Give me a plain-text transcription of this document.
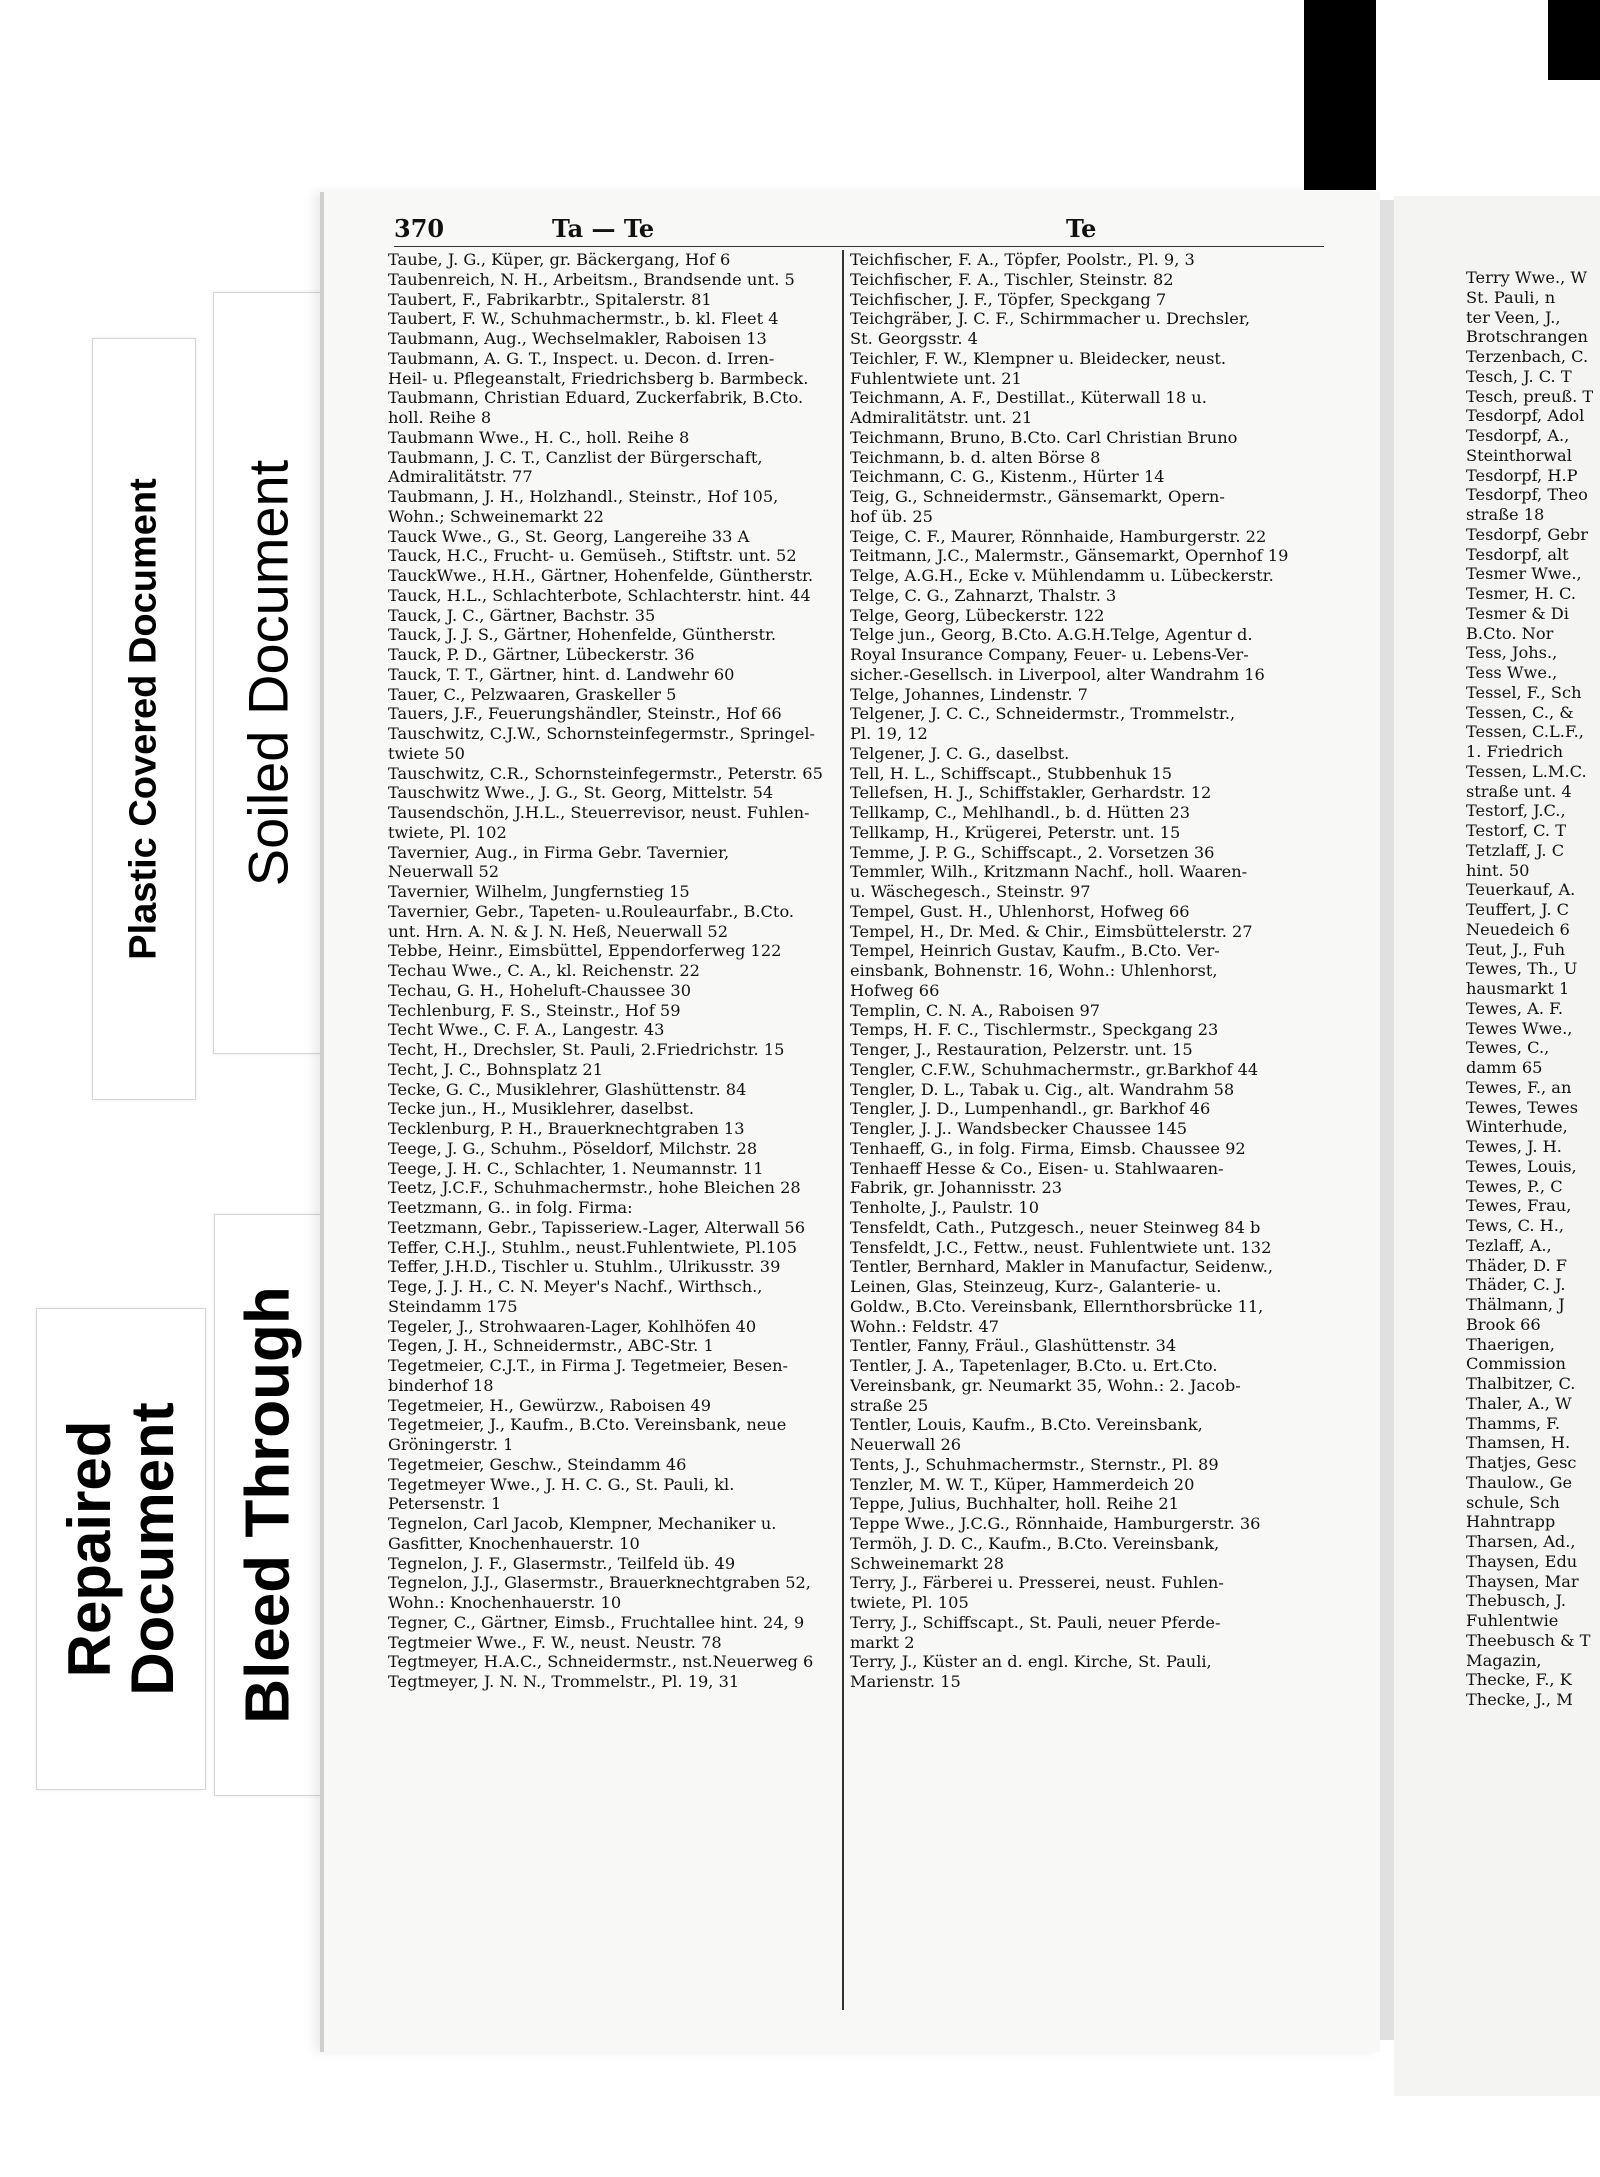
Soiled Document
Plastic Covered Document
Bleed Through
Repaired
Document
Terry Wwe., W
St. Pauli, n
ter Veen, J.,
Brotschrangen
Terzenbach, C.
Tesch, J. C. T
Tesch, preuß. T
Tesdorpf, Adol
Tesdorpf, A.,
Steinthorwal
Tesdorpf, H.P
Tesdorpf, Theo
straße 18
Tesdorpf, Gebr
Tesdorpf, alt
Tesmer Wwe.,
Tesmer, H. C.
Tesmer & Di
B.Cto. Nor
Tess, Johs.,
Tess Wwe.,
Tessel, F., Sch
Tessen, C., &
Tessen, C.L.F.,
1. Friedrich
Tessen, L.M.C.
straße unt. 4
Testorf, J.C.,
Testorf, C. T
Tetzlaff, J. C
hint. 50
Teuerkauf, A.
Teuffert, J. C
Neuedeich 6
Teut, J., Fuh
Tewes, Th., U
hausmarkt 1
Tewes, A. F.
Tewes Wwe.,
Tewes, C.,
damm 65
Tewes, F., an
Tewes, Tewes
Winterhude,
Tewes, J. H.
Tewes, Louis,
Tewes, P., C
Tewes, Frau,
Tews, C. H.,
Tezlaff, A.,
Thäder, D. F
Thäder, C. J.
Thälmann, J
Brook 66
Thaerigen,
Commission
Thalbitzer, C.
Thaler, A., W
Thamms, F.
Thamsen, H.
Thatjes, Gesc
Thaulow., Ge
schule, Sch
Hahntrapp
Tharsen, Ad.,
Thaysen, Edu
Thaysen, Mar
Thebusch, J.
Fuhlentwie
Theebusch & T
Magazin,
Thecke, F., K
Thecke, J., M
370	Ta — Te	Te
Taube, J. G., Küper, gr. Bäckergang, Hof 6
Taubenreich, N. H., Arbeitsm., Brandsende unt. 5
Taubert, F., Fabrikarbtr., Spitalerstr. 81
Taubert, F. W., Schuhmachermstr., b. kl. Fleet 4
Taubmann, Aug., Wechselmakler, Raboisen 13
Taubmann, A. G. T., Inspect. u. Decon. d. Irren-
Heil- u. Pflegeanstalt, Friedrichsberg b. Barmbeck.
Taubmann, Christian Eduard, Zuckerfabrik, B.Cto.
holl. Reihe 8
Taubmann Wwe., H. C., holl. Reihe 8
Taubmann, J. C. T., Canzlist der Bürgerschaft,
Admiralitätstr. 77
Taubmann, J. H., Holzhandl., Steinstr., Hof 105,
Wohn.; Schweinemarkt 22
Tauck Wwe., G., St. Georg, Langereihe 33 A
Tauck, H.C., Frucht- u. Gemüseh., Stiftstr. unt. 52
TauckWwe., H.H., Gärtner, Hohenfelde, Güntherstr.
Tauck, H.L., Schlachterbote, Schlachterstr. hint. 44
Tauck, J. C., Gärtner, Bachstr. 35
Tauck, J. J. S., Gärtner, Hohenfelde, Güntherstr.
Tauck, P. D., Gärtner, Lübeckerstr. 36
Tauck, T. T., Gärtner, hint. d. Landwehr 60
Tauer, C., Pelzwaaren, Graskeller 5
Tauers, J.F., Feuerungshändler, Steinstr., Hof 66
Tauschwitz, C.J.W., Schornsteinfegermstr., Springel-
twiete 50
Tauschwitz, C.R., Schornsteinfegermstr., Peterstr. 65
Tauschwitz Wwe., J. G., St. Georg, Mittelstr. 54
Tausendschön, J.H.L., Steuerrevisor, neust. Fuhlen-
twiete, Pl. 102
Tavernier, Aug., in Firma Gebr. Tavernier,
Neuerwall 52
Tavernier, Wilhelm, Jungfernstieg 15
Tavernier, Gebr., Tapeten- u.Rouleaurfabr., B.Cto.
unt. Hrn. A. N. & J. N. Heß, Neuerwall 52
Tebbe, Heinr., Eimsbüttel, Eppendorferweg 122
Techau Wwe., C. A., kl. Reichenstr. 22
Techau, G. H., Hoheluft-Chaussee 30
Techlenburg, F. S., Steinstr., Hof 59
Techt Wwe., C. F. A., Langestr. 43
Techt, H., Drechsler, St. Pauli, 2.Friedrichstr. 15
Techt, J. C., Bohnsplatz 21
Tecke, G. C., Musiklehrer, Glashüttenstr. 84
Tecke jun., H., Musiklehrer, daselbst.
Tecklenburg, P. H., Brauerknechtgraben 13
Teege, J. G., Schuhm., Pöseldorf, Milchstr. 28
Teege, J. H. C., Schlachter, 1. Neumannstr. 11
Teetz, J.C.F., Schuhmachermstr., hohe Bleichen 28
Teetzmann, G.. in folg. Firma:
Teetzmann, Gebr., Tapisseriew.-Lager, Alterwall 56
Teffer, C.H.J., Stuhlm., neust.Fuhlentwiete, Pl.105
Teffer, J.H.D., Tischler u. Stuhlm., Ulrikusstr. 39
Tege, J. J. H., C. N. Meyer's Nachf., Wirthsch.,
Steindamm 175
Tegeler, J., Strohwaaren-Lager, Kohlhöfen 40
Tegen, J. H., Schneidermstr., ABC-Str. 1
Tegetmeier, C.J.T., in Firma J. Tegetmeier, Besen-
binderhof 18
Tegetmeier, H., Gewürzw., Raboisen 49
Tegetmeier, J., Kaufm., B.Cto. Vereinsbank, neue
Gröningerstr. 1
Tegetmeier, Geschw., Steindamm 46
Tegetmeyer Wwe., J. H. C. G., St. Pauli, kl.
Petersenstr. 1
Tegnelon, Carl Jacob, Klempner, Mechaniker u.
Gasfitter, Knochenhauerstr. 10
Tegnelon, J. F., Glasermstr., Teilfeld üb. 49
Tegnelon, J.J., Glasermstr., Brauerknechtgraben 52,
Wohn.: Knochenhauerstr. 10
Tegner, C., Gärtner, Eimsb., Fruchtallee hint. 24, 9
Tegtmeier Wwe., F. W., neust. Neustr. 78
Tegtmeyer, H.A.C., Schneidermstr., nst.Neuerweg 6
Tegtmeyer, J. N. N., Trommelstr., Pl. 19, 31
Teichfischer, F. A., Töpfer, Poolstr., Pl. 9, 3
Teichfischer, F. A., Tischler, Steinstr. 82
Teichfischer, J. F., Töpfer, Speckgang 7
Teichgräber, J. C. F., Schirmmacher u. Drechsler,
St. Georgsstr. 4
Teichler, F. W., Klempner u. Bleidecker, neust.
Fuhlentwiete unt. 21
Teichmann, A. F., Destillat., Küterwall 18 u.
Admiralitätstr. unt. 21
Teichmann, Bruno, B.Cto. Carl Christian Bruno
Teichmann, b. d. alten Börse 8
Teichmann, C. G., Kistenm., Hürter 14
Teig, G., Schneidermstr., Gänsemarkt, Opern-
hof üb. 25
Teige, C. F., Maurer, Rönnhaide, Hamburgerstr. 22
Teitmann, J.C., Malermstr., Gänsemarkt, Opernhof 19
Telge, A.G.H., Ecke v. Mühlendamm u. Lübeckerstr.
Telge, C. G., Zahnarzt, Thalstr. 3
Telge, Georg, Lübeckerstr. 122
Telge jun., Georg, B.Cto. A.G.H.Telge, Agentur d.
Royal Insurance Company, Feuer- u. Lebens-Ver-
sicher.-Gesellsch. in Liverpool, alter Wandrahm 16
Telge, Johannes, Lindenstr. 7
Telgener, J. C. C., Schneidermstr., Trommelstr.,
Pl. 19, 12
Telgener, J. C. G., daselbst.
Tell, H. L., Schiffscapt., Stubbenhuk 15
Tellefsen, H. J., Schiffstakler, Gerhardstr. 12
Tellkamp, C., Mehlhandl., b. d. Hütten 23
Tellkamp, H., Krügerei, Peterstr. unt. 15
Temme, J. P. G., Schiffscapt., 2. Vorsetzen 36
Temmler, Wilh., Kritzmann Nachf., holl. Waaren-
u. Wäschegesch., Steinstr. 97
Tempel, Gust. H., Uhlenhorst, Hofweg 66
Tempel, H., Dr. Med. & Chir., Eimsbüttelerstr. 27
Tempel, Heinrich Gustav, Kaufm., B.Cto. Ver-
einsbank, Bohnenstr. 16, Wohn.: Uhlenhorst,
Hofweg 66
Templin, C. N. A., Raboisen 97
Temps, H. F. C., Tischlermstr., Speckgang 23
Tenger, J., Restauration, Pelzerstr. unt. 15
Tengler, C.F.W., Schuhmachermstr., gr.Barkhof 44
Tengler, D. L., Tabak u. Cig., alt. Wandrahm 58
Tengler, J. D., Lumpenhandl., gr. Barkhof 46
Tengler, J. J.. Wandsbecker Chaussee 145
Tenhaeff, G., in folg. Firma, Eimsb. Chaussee 92
Tenhaeff Hesse & Co., Eisen- u. Stahlwaaren-
Fabrik, gr. Johannisstr. 23
Tenholte, J., Paulstr. 10
Tensfeldt, Cath., Putzgesch., neuer Steinweg 84 b
Tensfeldt, J.C., Fettw., neust. Fuhlentwiete unt. 132
Tentler, Bernhard, Makler in Manufactur, Seidenw.,
Leinen, Glas, Steinzeug, Kurz-, Galanterie- u.
Goldw., B.Cto. Vereinsbank, Ellernthorsbrücke 11,
Wohn.: Feldstr. 47
Tentler, Fanny, Fräul., Glashüttenstr. 34
Tentler, J. A., Tapetenlager, B.Cto. u. Ert.Cto.
Vereinsbank, gr. Neumarkt 35, Wohn.: 2. Jacob-
straße 25
Tentler, Louis, Kaufm., B.Cto. Vereinsbank,
Neuerwall 26
Tents, J., Schuhmachermstr., Sternstr., Pl. 89
Tenzler, M. W. T., Küper, Hammerdeich 20
Teppe, Julius, Buchhalter, holl. Reihe 21
Teppe Wwe., J.C.G., Rönnhaide, Hamburgerstr. 36
Termöh, J. D. C., Kaufm., B.Cto. Vereinsbank,
Schweinemarkt 28
Terry, J., Färberei u. Presserei, neust. Fuhlen-
twiete, Pl. 105
Terry, J., Schiffscapt., St. Pauli, neuer Pferde-
markt 2
Terry, J., Küster an d. engl. Kirche, St. Pauli,
Marienstr. 15
